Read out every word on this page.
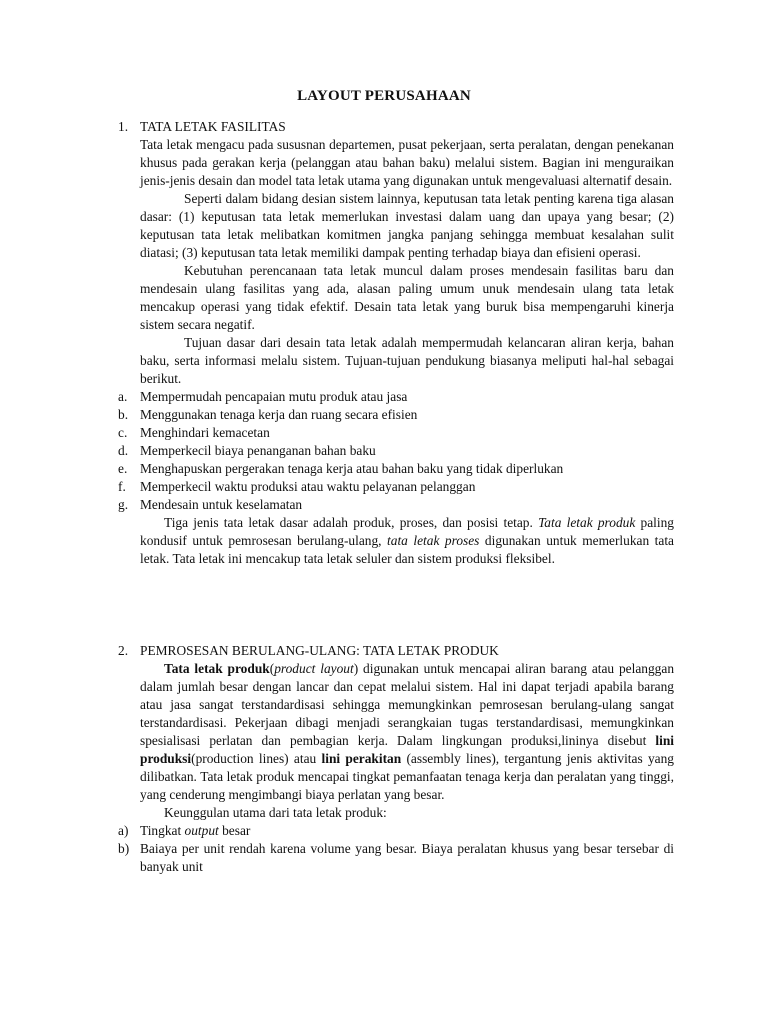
LAYOUT PERUSAHAAN
1. TATA LETAK FASILITAS

Tata letak mengacu pada sususnan departemen, pusat pekerjaan, serta peralatan, dengan penekanan khusus pada gerakan kerja (pelanggan atau bahan baku) melalui sistem. Bagian ini menguraikan jenis-jenis desain dan model tata letak utama yang digunakan untuk mengevaluasi alternatif desain.

Seperti dalam bidang desian sistem lainnya, keputusan tata letak penting karena tiga alasan dasar: (1) keputusan tata letak memerlukan investasi dalam uang dan upaya yang besar; (2) keputusan tata letak melibatkan komitmen jangka panjang sehingga membuat kesalahan sulit diatasi; (3) keputusan tata letak memiliki dampak penting terhadap biaya dan efisieni operasi.

Kebutuhan perencanaan tata letak muncul dalam proses mendesain fasilitas baru dan mendesain ulang fasilitas yang ada, alasan paling umum unuk mendesain ulang tata letak mencakup operasi yang tidak efektif. Desain tata letak yang buruk bisa mempengaruhi kinerja sistem secara negatif.

Tujuan dasar dari desain tata letak adalah mempermudah kelancaran aliran kerja, bahan baku, serta informasi melalu sistem. Tujuan-tujuan pendukung biasanya meliputi hal-hal sebagai berikut.

a. Mempermudah pencapaian mutu produk atau jasa
b. Menggunakan tenaga kerja dan ruang secara efisien
c. Menghindari kemacetan
d. Memperkecil biaya penanganan bahan baku
e. Menghapuskan pergerakan tenaga kerja atau bahan baku yang tidak diperlukan
f. Memperkecil waktu produksi atau waktu pelayanan pelanggan
g. Mendesain untuk keselamatan

Tiga jenis tata letak dasar adalah produk, proses, dan posisi tetap. Tata letak produk paling kondusif untuk pemrosesan berulang-ulang, tata letak proses digunakan untuk memerlukan tata letak. Tata letak ini mencakup tata letak seluler dan sistem produksi fleksibel.

2. PEMROSESAN BERULANG-ULANG: TATA LETAK PRODUK

Tata letak produk(product layout) digunakan untuk mencapai aliran barang atau pelanggan dalam jumlah besar dengan lancar dan cepat melalui sistem. Hal ini dapat terjadi apabila barang atau jasa sangat terstandardisasi sehingga memungkinkan pemrosesan berulang-ulang sangat terstandardisasi. Pekerjaan dibagi menjadi serangkaian tugas terstandardisasi, memungkinkan spesialisasi perlatan dan pembagian kerja. Dalam lingkungan produksi,lininya disebut lini produksi(production lines) atau lini perakitan (assembly lines), tergantung jenis aktivitas yang dilibatkan. Tata letak produk mencapai tingkat pemanfaatan tenaga kerja dan peralatan yang tinggi, yang cenderung mengimbangi biaya perlatan yang besar.

Keunggulan utama dari tata letak produk:

a) Tingkat output besar
b) Baiaya per unit rendah karena volume yang besar. Biaya peralatan khusus yang besar tersebar di banyak unit
